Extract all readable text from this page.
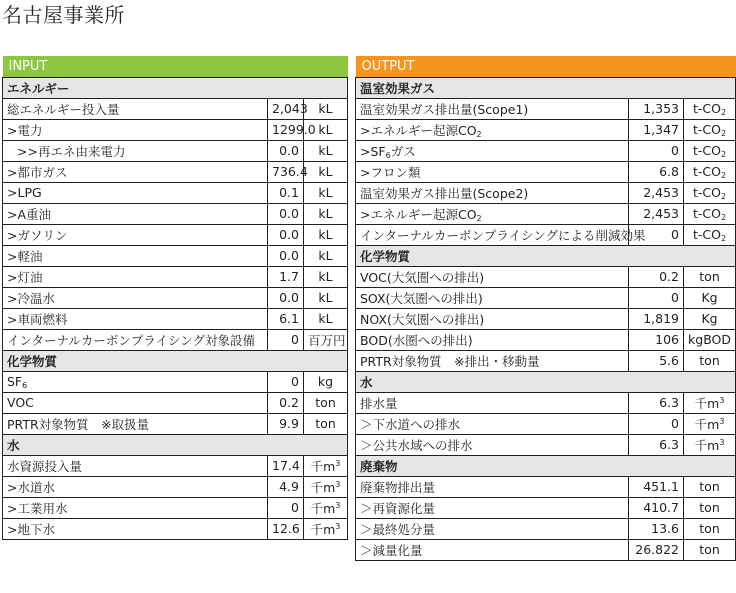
名古屋事業所
INPUT		
エネルギー		
総エネルギー投入量	2,043	kL
>電力	1299.0	kL
>>再エネ由来電力	0.0	kL
>都市ガス	736.4	kL
>LPG	0.1	kL
>A重油	0.0	kL
>ガソリン	0.0	kL
>軽油	0.0	kL
>灯油	1.7	kL
>冷温水	0.0	kL
>車両燃料	6.1	kL
インターナルカーボンプライシング対象設備	0	百万円
化学物質		
$SF_6$	0	kg
VOC	0.2	ton
PRTR対象物質　※取扱量	9.9	ton
水		
水資源投入量	17.4	千$m^3$
>水道水	4.9	千$m^3$
>工業用水	0	千$m^3$
>地下水	12.6	千$m^3$
OUTPUT		
温室効果ガス		
温室効果ガス排出量(Scope1)	1,353	$t-CO_2$
>エネルギー起源$CO_2$	1,347	$t-CO_2$
$>SF_6$ガス	0	$t-CO_2$
>フロン類	6.8	$t-CO_2$
温室効果ガス排出量(Scope2)	2,453	$t-CO_2$
>エネルギー起源$CO_2$	2,453	$t-CO_2$
インターナルカーボンプライシングによる削減効果	0	$t-CO_2$
化学物質		
VOC(大気圏への排出)	0.2	ton
SOX(大気圏への排出)	0	Kg
NOX(大気圏への排出)	1,819	Kg
BOD(水圏への排出)	106	kgBOD
PRTR対象物質　※排出・移動量	5.6	ton
水		
排水量	6.3	千$m^3$
＞下水道への排水	0	千$m^3$
＞公共水域への排水	6.3	千$m^3$
廃棄物		
廃棄物排出量	451.1	ton
＞再資源化量	410.7	ton
＞最終処分量	13.6	ton
＞減量化量	26.822	ton
